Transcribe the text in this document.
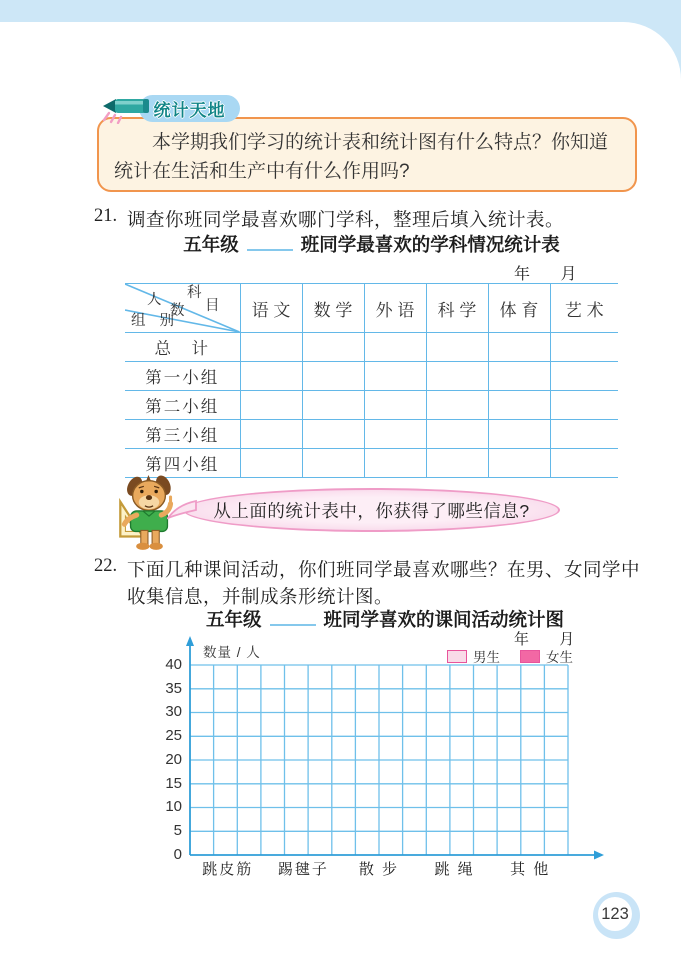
统计天地
本学期我们学习的统计表和统计图有什么特点？你知道
统计在生活和生产中有什么作用吗?
21. 调查你班同学最喜欢哪门学科，整理后填入统计表。
五年级	班同学最喜欢的学科情况统计表
年 月
科
目
人
数
组 别	语 文	数 学	外 语	科 学	体 育	艺 术
总　计						
第一小组						
第二小组						
第三小组						
第四小组						
从上面的统计表中，你获得了哪些信息?
22. 下面几种课间活动，你们班同学最喜欢哪些？在男、女同学中
收集信息，并制成条形统计图。
五年级	班同学喜欢的课间活动统计图
年 月
数量 / 人	男生	女生
40
35
30
25
20
15
10
5
0
跳皮筋	踢毽子	散 步	跳 绳	其 他
123
